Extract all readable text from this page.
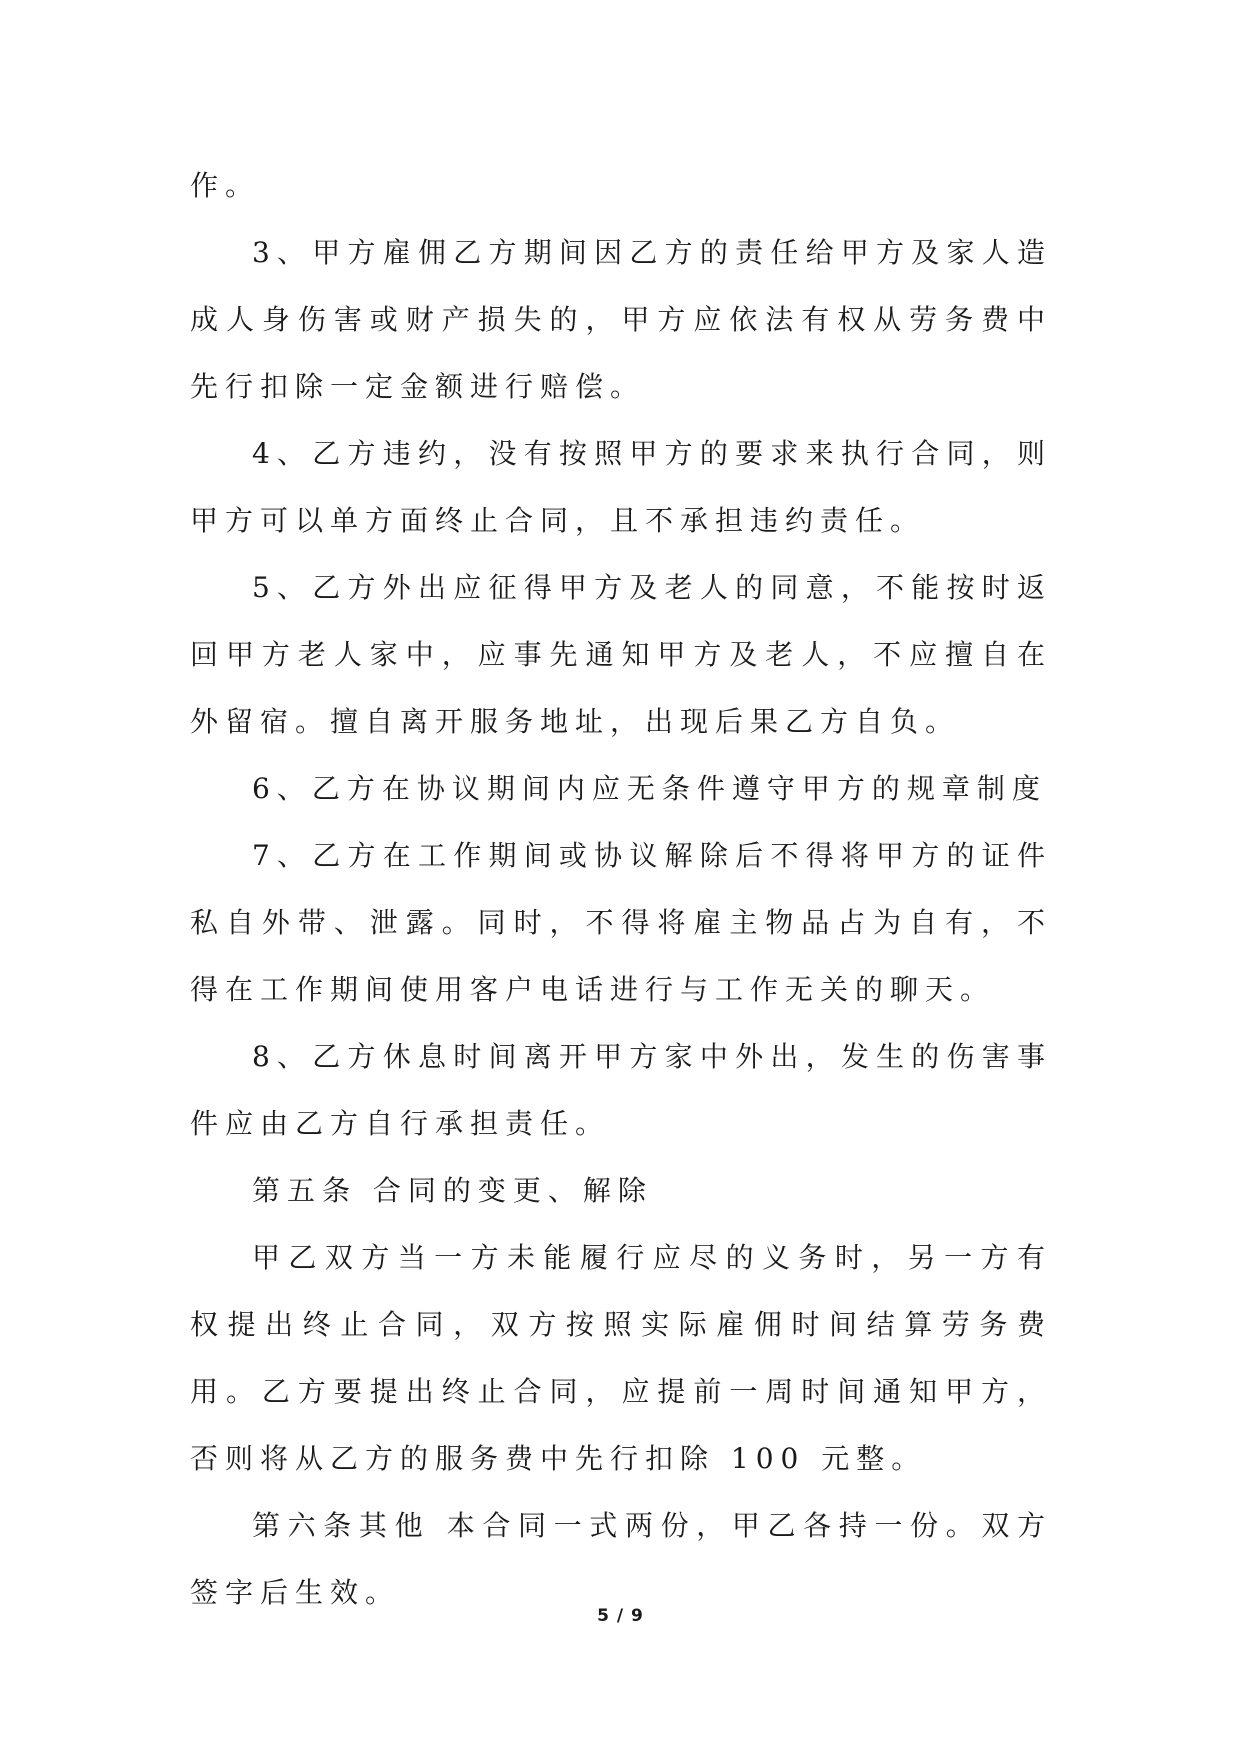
作。

3、甲方雇佣乙方期间因乙方的责任给甲方及家人造成人身伤害或财产损失的，甲方应依法有权从劳务费中先行扣除一定金额进行赔偿。

4、乙方违约，没有按照甲方的要求来执行合同，则甲方可以单方面终止合同，且不承担违约责任。

5、乙方外出应征得甲方及老人的同意，不能按时返回甲方老人家中，应事先通知甲方及老人，不应擅自在外留宿。擅自离开服务地址，出现后果乙方自负。

6、乙方在协议期间内应无条件遵守甲方的规章制度

7、乙方在工作期间或协议解除后不得将甲方的证件私自外带、泄露。同时，不得将雇主物品占为自有，不得在工作期间使用客户电话进行与工作无关的聊天。

8、乙方休息时间离开甲方家中外出，发生的伤害事件应由乙方自行承担责任。

第五条 合同的变更、解除

甲乙双方当一方未能履行应尽的义务时，另一方有权提出终止合同，双方按照实际雇佣时间结算劳务费用。乙方要提出终止合同，应提前一周时间通知甲方，否则将从乙方的服务费中先行扣除 100 元整。

第六条其他 本合同一式两份，甲乙各持一份。双方签字后生效。

5 / 9
